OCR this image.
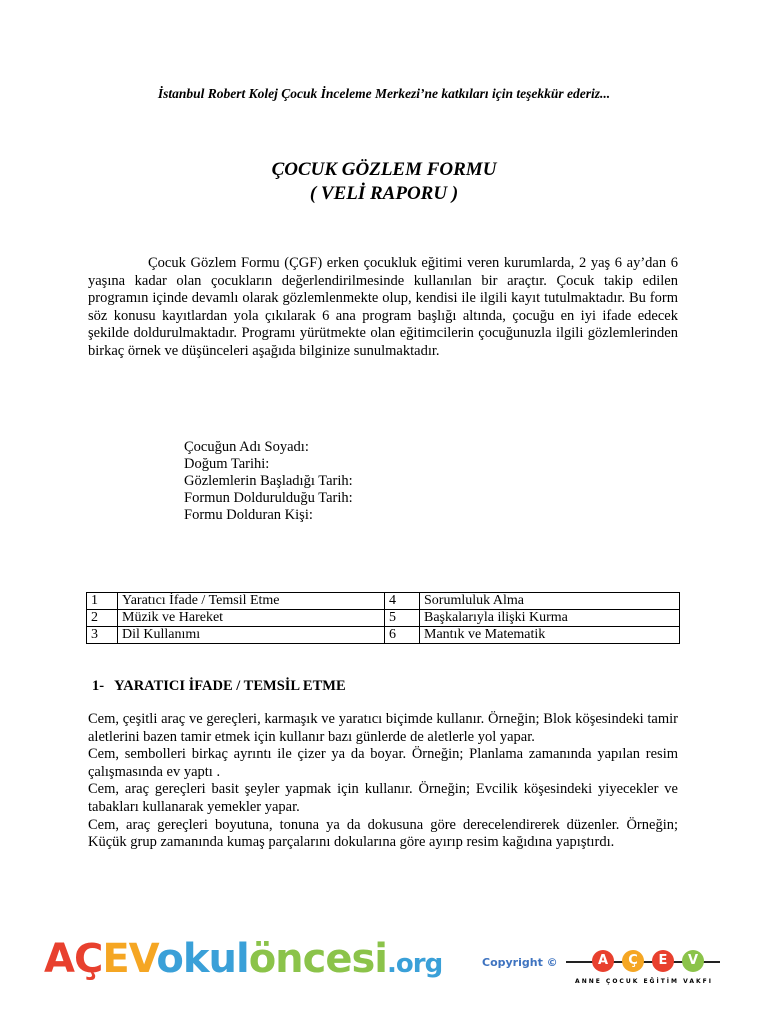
İstanbul Robert Kolej Çocuk İnceleme Merkezi’ne katkıları için teşekkür ederiz...
ÇOCUK GÖZLEM FORMU
( VELİ RAPORU )

Çocuk Gözlem Formu (ÇGF) erken çocukluk eğitimi veren kurumlarda, 2 yaş 6 ay’dan 6 yaşına kadar olan çocukların değerlendirilmesinde kullanılan bir araçtır. Çocuk takip edilen programın içinde devamlı olarak gözlemlenmekte olup, kendisi ile ilgili kayıt tutulmaktadır. Bu form söz konusu kayıtlardan yola çıkılarak 6 ana program başlığı altında, çocuğu en iyi ifade edecek şekilde doldurulmaktadır. Programı yürütmekte olan eğitimcilerin çocuğunuzla ilgili gözlemlerinden birkaç örnek ve düşünceleri aşağıda bilginize sunulmaktadır.

Çocuğun Adı Soyadı:
Doğum Tarihi:
Gözlemlerin Başladığı Tarih:
Formun Doldurulduğu Tarih:
Formu Dolduran Kişi:
1	Yaratıcı İfade / Temsil Etme	4	Sorumluluk Alma
2	Müzik ve Hareket	5	Başkalarıyla ilişki Kurma
3	Dil Kullanımı	6	Mantık ve Matematik
1- YARATICI İFADE / TEMSİL ETME

Cem, çeşitli araç ve gereçleri, karmaşık ve yaratıcı biçimde kullanır. Örneğin; Blok köşesindeki tamir aletlerini bazen tamir etmek için kullanır bazı günlerde de aletlerle yol yapar.

Cem, sembolleri birkaç ayrıntı ile çizer ya da boyar. Örneğin; Planlama zamanında yapılan resim çalışmasında ev yaptı .

Cem, araç gereçleri basit şeyler yapmak için kullanır. Örneğin; Evcilik köşesindeki yiyecekler ve tabakları kullanarak yemekler yapar.

Cem, araç gereçleri boyutuna, tonuna ya da dokusuna göre derecelendirerek düzenler. Örneğin; Küçük grup zamanında kumaş parçalarını dokularına göre ayırıp resim kağıdına yapıştırdı.

AÇEVokulöncesi.org	Copyright ©	A	Ç	E	V
ANNE ÇOCUK EĞİTİM VAKFI
